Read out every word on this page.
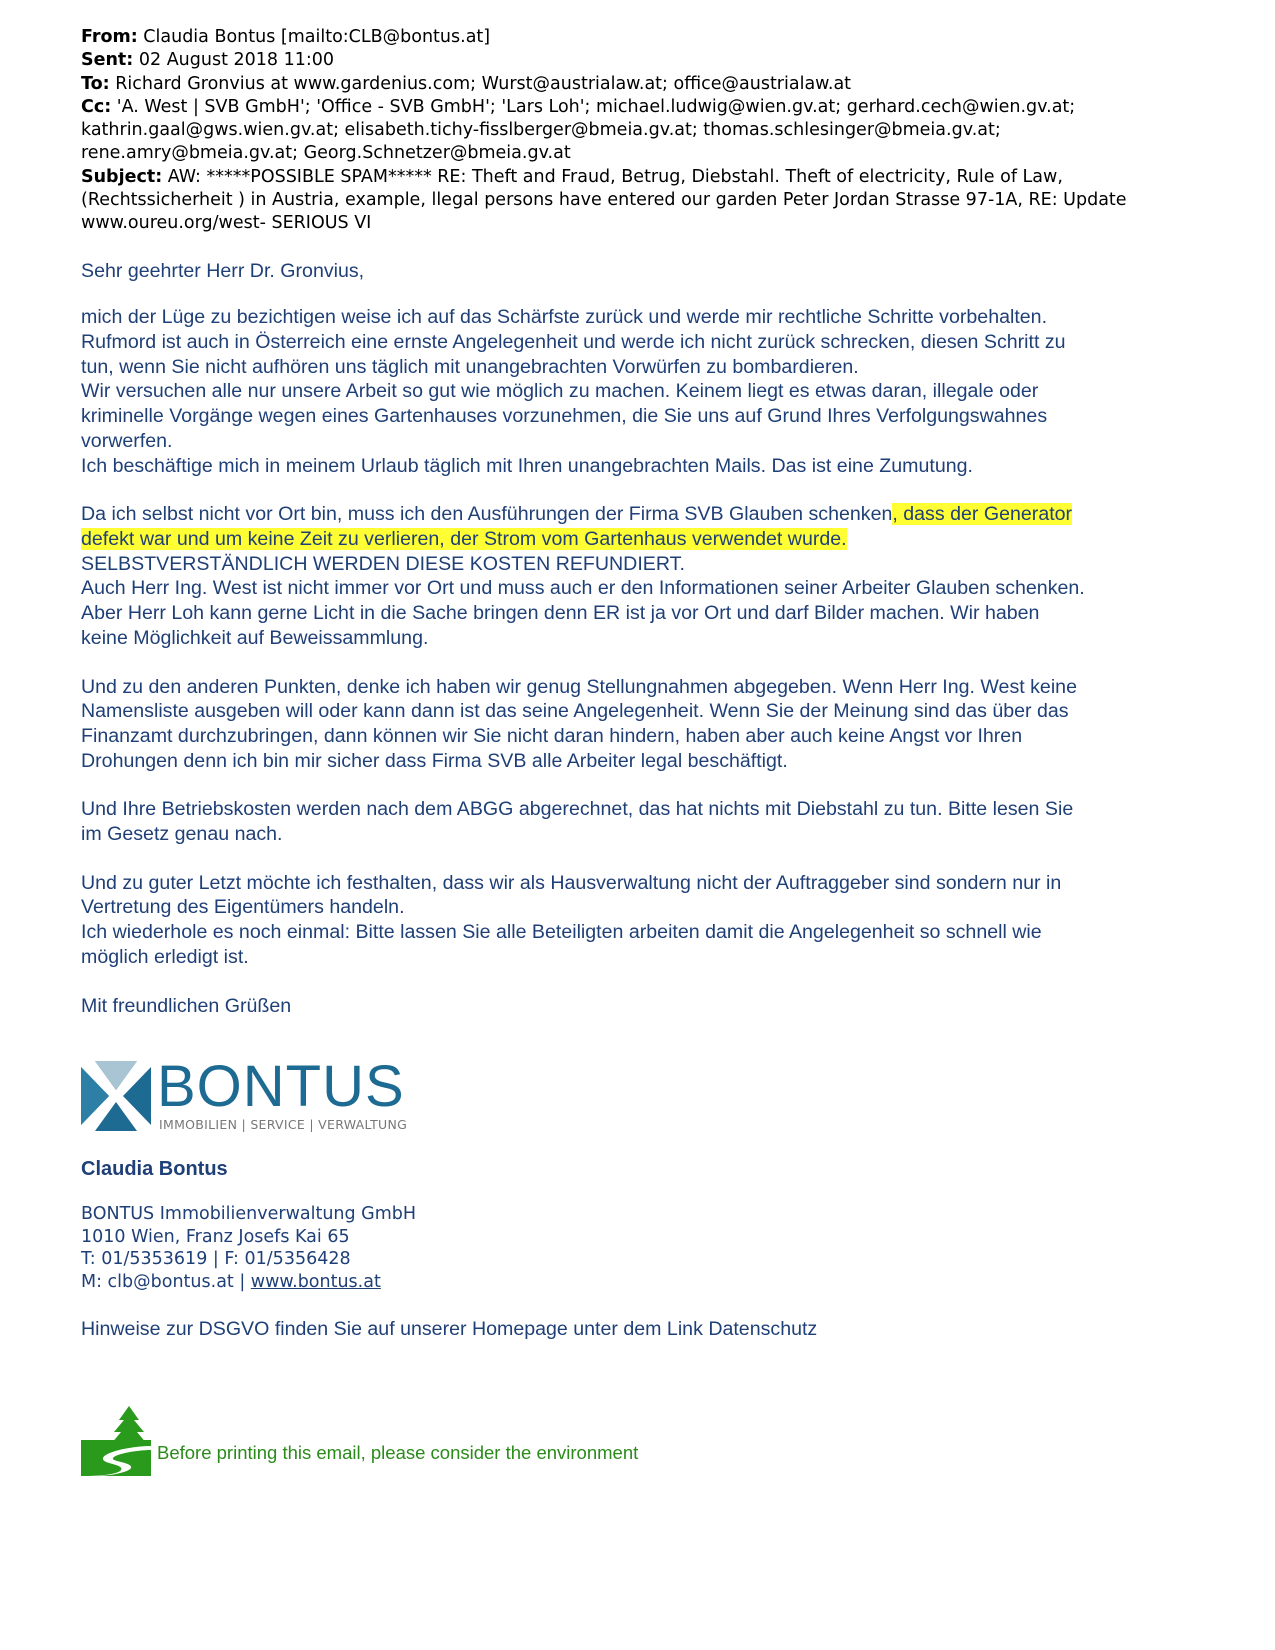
From: Claudia Bontus [mailto:CLB@bontus.at]

Sent: 02 August 2018 11:00

To: Richard Gronvius at www.gardenius.com; Wurst@austrialaw.at; office@austrialaw.at

Cc: 'A. West | SVB GmbH'; 'Office - SVB GmbH'; 'Lars Loh'; michael.ludwig@wien.gv.at; gerhard.cech@wien.gv.at;

kathrin.gaal@gws.wien.gv.at; elisabeth.tichy-fisslberger@bmeia.gv.at; thomas.schlesinger@bmeia.gv.at;

rene.amry@bmeia.gv.at; Georg.Schnetzer@bmeia.gv.at

Subject: AW: *****POSSIBLE SPAM***** RE: Theft and Fraud, Betrug, Diebstahl. Theft of electricity, Rule of Law,

(Rechtssicherheit ) in Austria, example, llegal persons have entered our garden Peter Jordan Strasse 97-1A, RE: Update

www.oureu.org/west- SERIOUS VI

Sehr geehrter Herr Dr. Gronvius,

mich der Lüge zu bezichtigen weise ich auf das Schärfste zurück und werde mir rechtliche Schritte vorbehalten.

Rufmord ist auch in Österreich eine ernste Angelegenheit und werde ich nicht zurück schrecken, diesen Schritt zu

tun, wenn Sie nicht aufhören uns täglich mit unangebrachten Vorwürfen zu bombardieren.

Wir versuchen alle nur unsere Arbeit so gut wie möglich zu machen. Keinem liegt es etwas daran, illegale oder

kriminelle Vorgänge wegen eines Gartenhauses vorzunehmen, die Sie uns auf Grund Ihres Verfolgungswahnes

vorwerfen.

Ich beschäftige mich in meinem Urlaub täglich mit Ihren unangebrachten Mails. Das ist eine Zumutung.

Da ich selbst nicht vor Ort bin, muss ich den Ausführungen der Firma SVB Glauben schenken, dass der Generator

defekt war und um keine Zeit zu verlieren, der Strom vom Gartenhaus verwendet wurde.

SELBSTVERSTÄNDLICH WERDEN DIESE KOSTEN REFUNDIERT.

Auch Herr Ing. West ist nicht immer vor Ort und muss auch er den Informationen seiner Arbeiter Glauben schenken.

Aber Herr Loh kann gerne Licht in die Sache bringen denn ER ist ja vor Ort und darf Bilder machen. Wir haben

keine Möglichkeit auf Beweissammlung.

Und zu den anderen Punkten, denke ich haben wir genug Stellungnahmen abgegeben. Wenn Herr Ing. West keine

Namensliste ausgeben will oder kann dann ist das seine Angelegenheit. Wenn Sie der Meinung sind das über das

Finanzamt durchzubringen, dann können wir Sie nicht daran hindern, haben aber auch keine Angst vor Ihren

Drohungen denn ich bin mir sicher dass Firma SVB alle Arbeiter legal beschäftigt.

Und Ihre Betriebskosten werden nach dem ABGG abgerechnet, das hat nichts mit Diebstahl zu tun. Bitte lesen Sie

im Gesetz genau nach.

Und zu guter Letzt möchte ich festhalten, dass wir als Hausverwaltung nicht der Auftraggeber sind sondern nur in

Vertretung des Eigentümers handeln.

Ich wiederhole es noch einmal: Bitte lassen Sie alle Beteiligten arbeiten damit die Angelegenheit so schnell wie

möglich erledigt ist.

Mit freundlichen Grüßen

BONTUS
IMMOBILIEN | SERVICE | VERWALTUNG
Claudia Bontus

BONTUS Immobilienverwaltung GmbH

1010 Wien, Franz Josefs Kai 65

T: 01/5353619 | F: 01/5356428

M: clb@bontus.at | www.bontus.at

Hinweise zur DSGVO finden Sie auf unserer Homepage unter dem Link Datenschutz
Before printing this email, please consider the environment
